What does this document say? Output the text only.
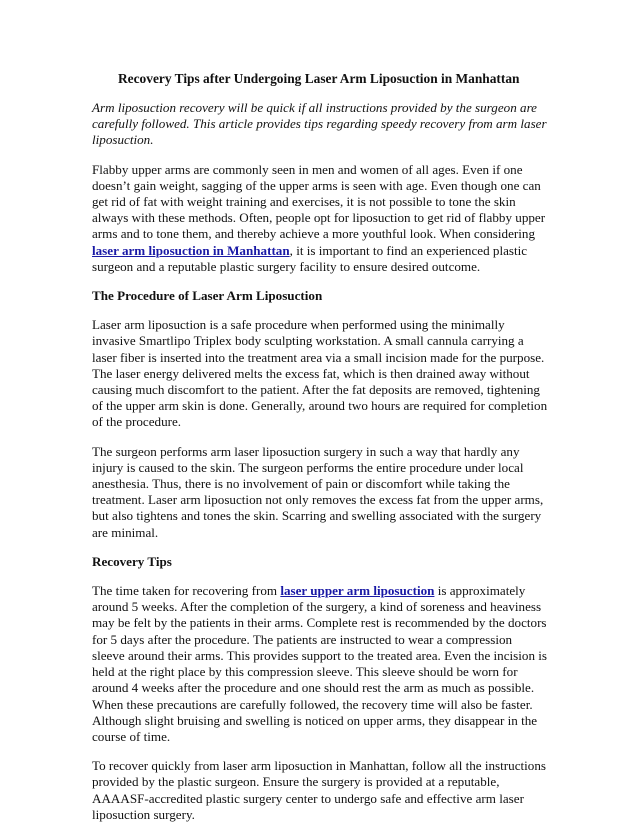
Recovery Tips after Undergoing Laser Arm Liposuction in Manhattan

Arm liposuction recovery will be quick if all instructions provided by the surgeon are carefully followed. This article provides tips regarding speedy recovery from arm laser liposuction.

Flabby upper arms are commonly seen in men and women of all ages. Even if one doesn’t gain weight, sagging of the upper arms is seen with age. Even though one can get rid of fat with weight training and exercises, it is not possible to tone the skin always with these methods. Often, people opt for liposuction to get rid of flabby upper arms and to tone them, and thereby achieve a more youthful look. When considering laser arm liposuction in Manhattan, it is important to find an experienced plastic surgeon and a reputable plastic surgery facility to ensure desired outcome.

The Procedure of Laser Arm Liposuction

Laser arm liposuction is a safe procedure when performed using the minimally invasive Smartlipo Triplex body sculpting workstation. A small cannula carrying a laser fiber is inserted into the treatment area via a small incision made for the purpose. The laser energy delivered melts the excess fat, which is then drained away without causing much discomfort to the patient. After the fat deposits are removed, tightening of the upper arm skin is done. Generally, around two hours are required for completion of the procedure.

The surgeon performs arm laser liposuction surgery in such a way that hardly any injury is caused to the skin. The surgeon performs the entire procedure under local anesthesia. Thus, there is no involvement of pain or discomfort while taking the treatment. Laser arm liposuction not only removes the excess fat from the upper arms, but also tightens and tones the skin. Scarring and swelling associated with the surgery are minimal.

Recovery Tips

The time taken for recovering from laser upper arm liposuction is approximately around 5 weeks. After the completion of the surgery, a kind of soreness and heaviness may be felt by the patients in their arms. Complete rest is recommended by the doctors for 5 days after the procedure. The patients are instructed to wear a compression sleeve around their arms. This provides support to the treated area. Even the incision is held at the right place by this compression sleeve. This sleeve should be worn for around 4 weeks after the procedure and one should rest the arm as much as possible. When these precautions are carefully followed, the recovery time will also be faster. Although slight bruising and swelling is noticed on upper arms, they disappear in the course of time.

To recover quickly from laser arm liposuction in Manhattan, follow all the instructions provided by the plastic surgeon. Ensure the surgery is provided at a reputable, AAAASF-accredited plastic surgery center to undergo safe and effective arm laser liposuction surgery.
